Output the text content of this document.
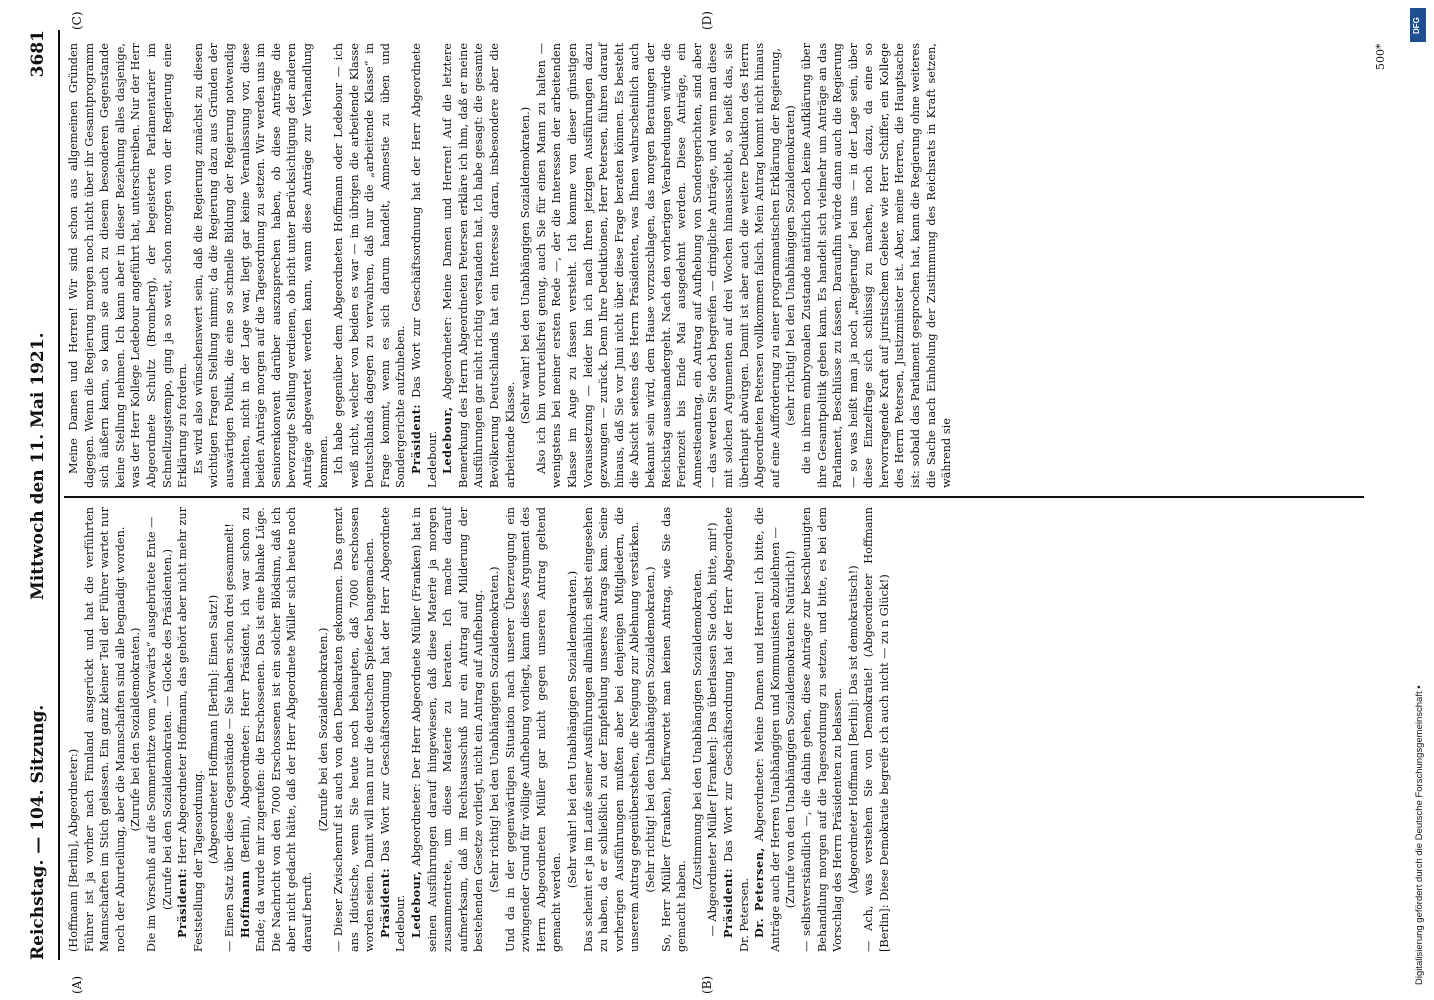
Reichstag. — 104. Sitzung.
Mittwoch den 11. Mai 1921.
3681
(A)	(B)
(C)	(D)

(Hoffmann [Berlin], Abgeordneter:) Führer ist ja vorher nach Finnland ausgerückt und hat die verführten Mannschaften im Stich gelassen. Ein ganz kleiner Teil der Führer wartet nur noch der Aburteilung, aber die Mannschaften sind alle begnadigt worden. (Zurufe bei den Sozialdemokraten.) Die im Vorschuß auf die Sommerhitze vom „Vorwärts“ ausgebrütete Ente — (Zurufe bei den Sozialdemokraten. — Glocke des Präsidenten.) Präsident: Herr Abgeordneter Hoffmann, das gehört aber nicht mehr zur Feststellung der Tagesordnung. (Abgeordneter Hoffmann [Berlin]: Einen Satz!) — Einen Satz über diese Gegenstände — Sie haben schon drei gesammelt! Hoffmann (Berlin), Abgeordneter: Herr Präsident, ich war schon zu Ende; da wurde mir zugerufen: die Erschossenen. Das ist eine blanke Lüge. Die Nachricht von den 7000 Erschossenen ist ein solcher Blödsinn, daß ich aber nicht gedacht hätte, daß der Herr Abgeordnete Müller sich heute noch darauf beruft.

(Zurufe bei den Sozialdemokraten.) — Dieser Zwischenruf ist auch von den Demokraten gekommen. Das grenzt ans Idiotische, wenn Sie heute noch behaupten, daß 7000 erschossen worden seien. Damit will man nur die deutschen Spießer bangemachen. Präsident: Das Wort zur Geschäftsordnung hat der Herr Abgeordnete Ledebour. Ledebour, Abgeordneter: Der Herr Abgeordnete Müller (Franken) hat in seinen Ausführungen darauf hingewiesen, daß diese Materie ja morgen zusammentrete, um diese Materie zu beraten. Ich mache darauf aufmerksam, daß im Rechtsausschuß nur ein Antrag auf Milderung der bestehenden Gesetze vorliegt, nicht ein Antrag auf Aufhebung. (Sehr richtig! bei den Unabhängigen Sozialdemokraten.) Und da in der gegenwärtigen Situation nach unserer Überzeugung ein zwingender Grund für völlige Aufhebung vorliegt, kann dieses Argument des Herrn Abgeordneten Müller gar nicht gegen unseren Antrag geltend gemacht werden.

(Sehr wahr! bei den Unabhängigen Sozialdemokraten.) Das scheint er ja im Laufe seiner Ausführungen allmählich selbst eingesehen zu haben, da er schließlich zu der Empfehlung unseres Antrags kam. Seine vorherigen Ausführungen mußten aber bei denjenigen Mitgliedern, die unserem Antrag gegenüberstehen, die Neigung zur Ablehnung verstärken. (Sehr richtig! bei den Unabhängigen Sozialdemokraten.) So, Herr Müller (Franken), befürwortet man keinen Antrag, wie Sie das gemacht haben.

(Zustimmung bei den Unabhängigen Sozialdemokraten. — Abgeordneter Müller [Franken]: Das überlassen Sie doch, bitte, mir!) Präsident: Das Wort zur Geschäftsordnung hat der Herr Abgeordnete Dr. Petersen. Dr. Petersen, Abgeordneter: Meine Damen und Herren! Ich bitte, die Anträge auch der Herren Unabhängigen und Kommunisten abzulehnen — (Zurufe von den Unabhängigen Sozialdemokraten: Natürlich!) — selbstverständlich —, die dahin gehen, diese Anträge zur beschleunigten Behandlung morgen auf die Tagesordnung zu setzen, und bitte, es bei dem Vorschlag des Herrn Präsidenten zu belassen. (Abgeordneter Hoffmann [Berlin]: Das ist demokratisch!) — Ach, was verstehen Sie von Demokratie! (Abgeordneter Hoffmann [Berlin]: Diese Demokratie begreife ich auch nicht — zu n Glück!)

Meine Damen und Herren! Wir sind schon aus allgemeinen Gründen dagegen. Wenn die Regierung morgen noch nicht über ihr Gesamtprogramm sich äußern kann, so kann sie auch zu diesem besonderen Gegenstande keine Stellung nehmen. Ich kann aber in dieser Beziehung alles dasjenige, was der Herr Kollege Ledebour angeführt hat, unterschreiben. Nur der Herr Abgeordnete Schultz (Bromberg), der begeisterte Parlamentarier im Schnellzugstempo, ging ja so weit, schon morgen von der Regierung eine Erklärung zu fordern. Es wird also wünschenswert sein, daß die Regierung zunächst zu diesen wichtigen Fragen Stellung nimmt; da die Regierung dazu aus Gründen der auswärtigen Politik, die eine so schnelle Bildung der Regierung notwendig machten, nicht in der Lage war, liegt gar keine Veranlassung vor, diese beiden Anträge morgen auf die Tagesordnung zu setzen. Wir werden uns im Seniorenkonvent darüber auszusprechen haben, ob diese Anträge die bevorzugte Stellung verdienen, ob nicht unter Berücksichtigung der anderen Anträge abgewartet werden kann, wann diese Anträge zur Verhandlung kommen. Ich habe gegenüber dem Abgeordneten Hoffmann oder Ledebour — ich weiß nicht, welcher von beiden es war — im übrigen die arbeitende Klasse Deutschlands dagegen zu verwahren, daß nur die „arbeitende Klasse“ in Frage kommt, wenn es sich darum handelt, Amnestie zu üben und Sondergerichte aufzuheben. Präsident: Das Wort zur Geschäftsordnung hat der Herr Abgeordnete Ledebour. Ledebour, Abgeordneter: Meine Damen und Herren! Auf die letztere Bemerkung des Herrn Abgeordneten Petersen erkläre ich ihm, daß er meine Ausführungen gar nicht richtig verstanden hat. Ich habe gesagt: die gesamte Bevölkerung Deutschlands hat ein Interesse daran, insbesondere aber die arbeitende Klasse.

(Sehr wahr! bei den Unabhängigen Sozialdemokraten.) Also ich bin vorurteilsfrei genug, auch Sie für einen Mann zu halten — wenigstens bei meiner ersten Rede —, der die Interessen der arbeitenden Klasse im Auge zu fassen versteht. Ich komme von dieser günstigen Voraussetzung — leider bin ich nach Ihren jetzigen Ausführungen dazu gezwungen — zurück. Denn Ihre Deduktionen, Herr Petersen, führen darauf hinaus, daß Sie vor Juni nicht über diese Frage beraten können. Es besteht die Absicht seitens des Herrn Präsidenten, was Ihnen wahrscheinlich auch bekannt sein wird, dem Hause vorzuschlagen, das morgen Beratungen der Reichstag auseinandergeht. Nach den vorherigen Verabredungen würde die Ferienzeit bis Ende Mai ausgedehnt werden. Diese Anträge, ein Amnestieantrag, ein Antrag auf Aufhebung von Sondergerichten, sind aber — das werden Sie doch begreifen — dringliche Anträge, und wenn man diese mit solchen Argumenten auf drei Wochen hinausschiebt, so heißt das, sie überhaupt abwürgen. Damit ist aber auch die weitere Deduktion des Herrn Abgeordneten Petersen vollkommen falsch. Mein Antrag kommt nicht hinaus auf eine Aufforderung zu einer programmatischen Erklärung der Regierung, (sehr richtig! bei den Unabhängigen Sozialdemokraten) die in ihrem embryonalen Zustande natürlich noch keine Aufklärung über ihre Gesamtpolitik geben kann. Es handelt sich vielmehr um Anträge an das Parlament, Beschlüsse zu fassen. Daraufhin würde dann auch die Regierung — so was heißt man ja noch „Regierung“ bei uns — in der Lage sein, über diese Einzelfrage sich schlüssig zu machen, noch dazu, da eine so hervorragende Kraft auf juristischem Gebiete wie Herr Schiffer, ein Kollege des Herrn Petersen, Justizminister ist. Aber, meine Herren, die Hauptsache ist: sobald das Parlament gesprochen hat, kann die Regierung ohne weiteres die Sache nach Einholung der Zustimmung des Reichsrats in Kraft setzen, während sie

500*
DFG
Digitalisierung gefördert durch die Deutsche Forschungsgemeinschaft •
